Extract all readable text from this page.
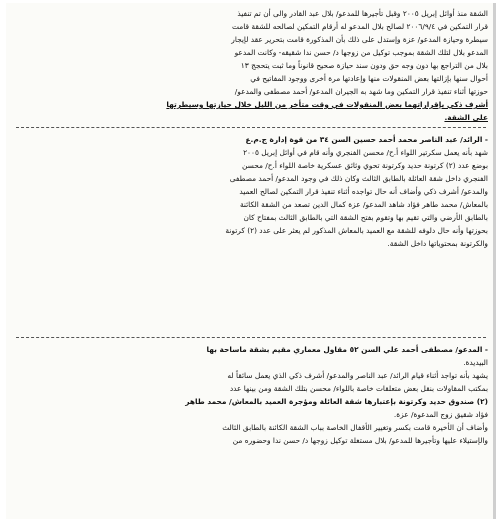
الشقة منذ أوائل إبريل ٢٠٠٥ وقبل تأجيرها للمدعو/ بلال عبد القادر والى أن تم تنفيذ
قرار التمكين في ٢٠٠٦/٩/٤ لصالح بلال المدعو له أرقام التمكين لصالحه للشقة قامت
سيطرة وحيازة المدعو/ عزة وإستدل على ذلك بأن المذكورة قامت بتحرير عقد لإيجار
المدعو بلال لتلك الشقة بموجب توكيل من زوجها د/ حسن ندا شقيقه- وكانت المدعو
بلال من التراجع بها دون وجه حق ودون سند حيازة صحيح قانوناً وما ثبت يتحجج ١٣
أحوال سنها بإزالتها بعض المنقولات منها وإعادتها مرة أخرى ووجود المفاتيح في
حوزتها أثناء تنفيذ قرار التمكين وما شهد به الجيران المدعو/ أحمد مصطفى والمدعو/
أشرف ذكي بإقراراتهما بعض المنقولات في وقت متأخر من الليل خلال حيازتها وسيطرتها
على الشقة.
- الرائد/ عبد الناصر محمد أحمد حسين السن ٣٤ من قوة إدارة ج.م.ع
شهد بأنه يعمل سكرتير اللواء أ.ح/ محسن الفنجري وأنه قام في أوائل إبريل ٢٠٠٥
بوضع عدد (٢) كرتونة حديد وكرتونة تحوي وثائق عسكرية خاصة اللواء أ.ح/ محسن
الفنجري داخل شقة العائلة بالطابق الثالث وكان ذلك في وجود المدعو/ أحمد مصطفى
والمدعو/ أشرف ذكي وأضاف أنه حال تواجده أثناء تنفيذ قرار التمكين لصالح العميد
بالمعاش/ محمد طاهر فؤاد شاهد المدعو/ عزة كمال الدين تصعد من الشقة الكائنة
بالطابق الأرضي والتي تقيم بها وتقوم بفتح الشقة التي بالطابق الثالث بمفتاح كان
بحوزتها وأنه حال دلوفه للشقة مع العميد بالمعاش المذكور لم يعثر على عدد (٢) كرتونة
والكرتونة بمحتوياتها داخل الشقة.
- المدعو/ مصطفى أحمد علي السن ٥٢ مقاول معماري مقيم بشقة ماساحة بها
البيديدة.
يشهد بأنه تواجد أثناء قيام الرائد/ عبد الناصر والمدعو/ أشرف ذكي الذي يعمل سائقاً له
بمكتب المقاولات بنقل بعض متعلقات خاصة باللواء/ محسن بتلك الشقة ومن بينها عدد
(٢) صندوق حديد وكرتونة بإعتبارها شقة العائلة ومؤجرة العميد بالمعاش/ محمد طاهر
فؤاد شقيق زوج المدعوة/ عزة.
وأضاف أن الأخيرة قامت بكسر وتغيير الأقفال الخاصة بباب الشقة الكائنة بالطابق الثالث
والإستيلاء عليها وتأجيرها للمدعو/ بلال مستغلة توكيل زوجها د/ حسن ندا وحضوره من
